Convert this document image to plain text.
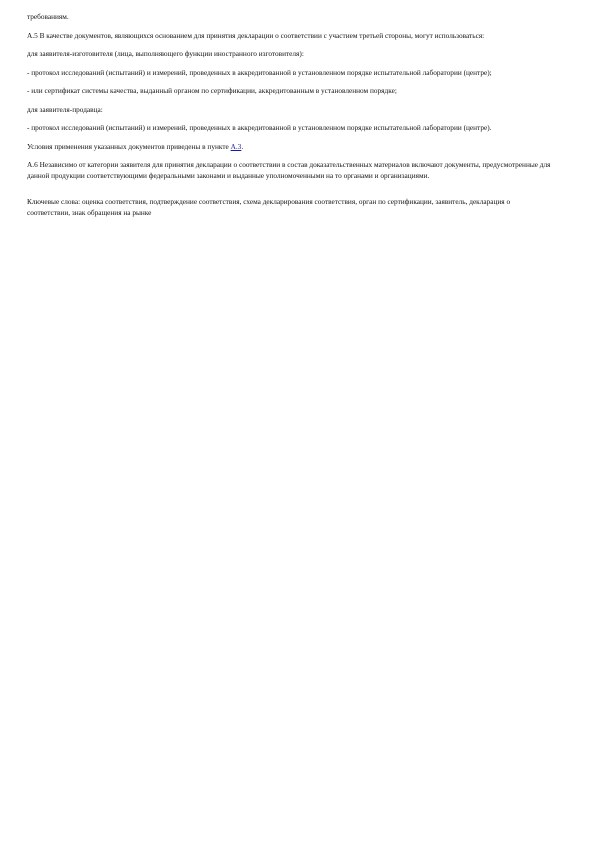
требованиям.

А.5 В качестве документов, являющихся основанием для принятия декларации о соответствии с участием третьей стороны, могут использоваться:

для заявителя-изготовителя (лица, выполняющего функции иностранного изготовителя):

- протокол исследований (испытаний) и измерений, проведенных в аккредитованной в установленном порядке испытательной лаборатории (центре);

- или сертификат системы качества, выданный органом по сертификации, аккредитованным в установленном порядке;

для заявителя-продавца:

- протокол исследований (испытаний) и измерений, проведенных в аккредитованной в установленном порядке испытательной лаборатории (центре).

Условия применения указанных документов приведены в пункте А.3.

А.6 Независимо от категории заявителя для принятия декларации о соответствии в состав доказательственных материалов включают документы, предусмотренные для данной продукции соответствующими федеральными законами и выданные уполномоченными на то органами и организациями.

Ключевые слова: оценка соответствия, подтверждение соответствия, схема декларирования соответствия, орган по сертификации, заявитель, декларация о соответствии, знак обращения на рынке
